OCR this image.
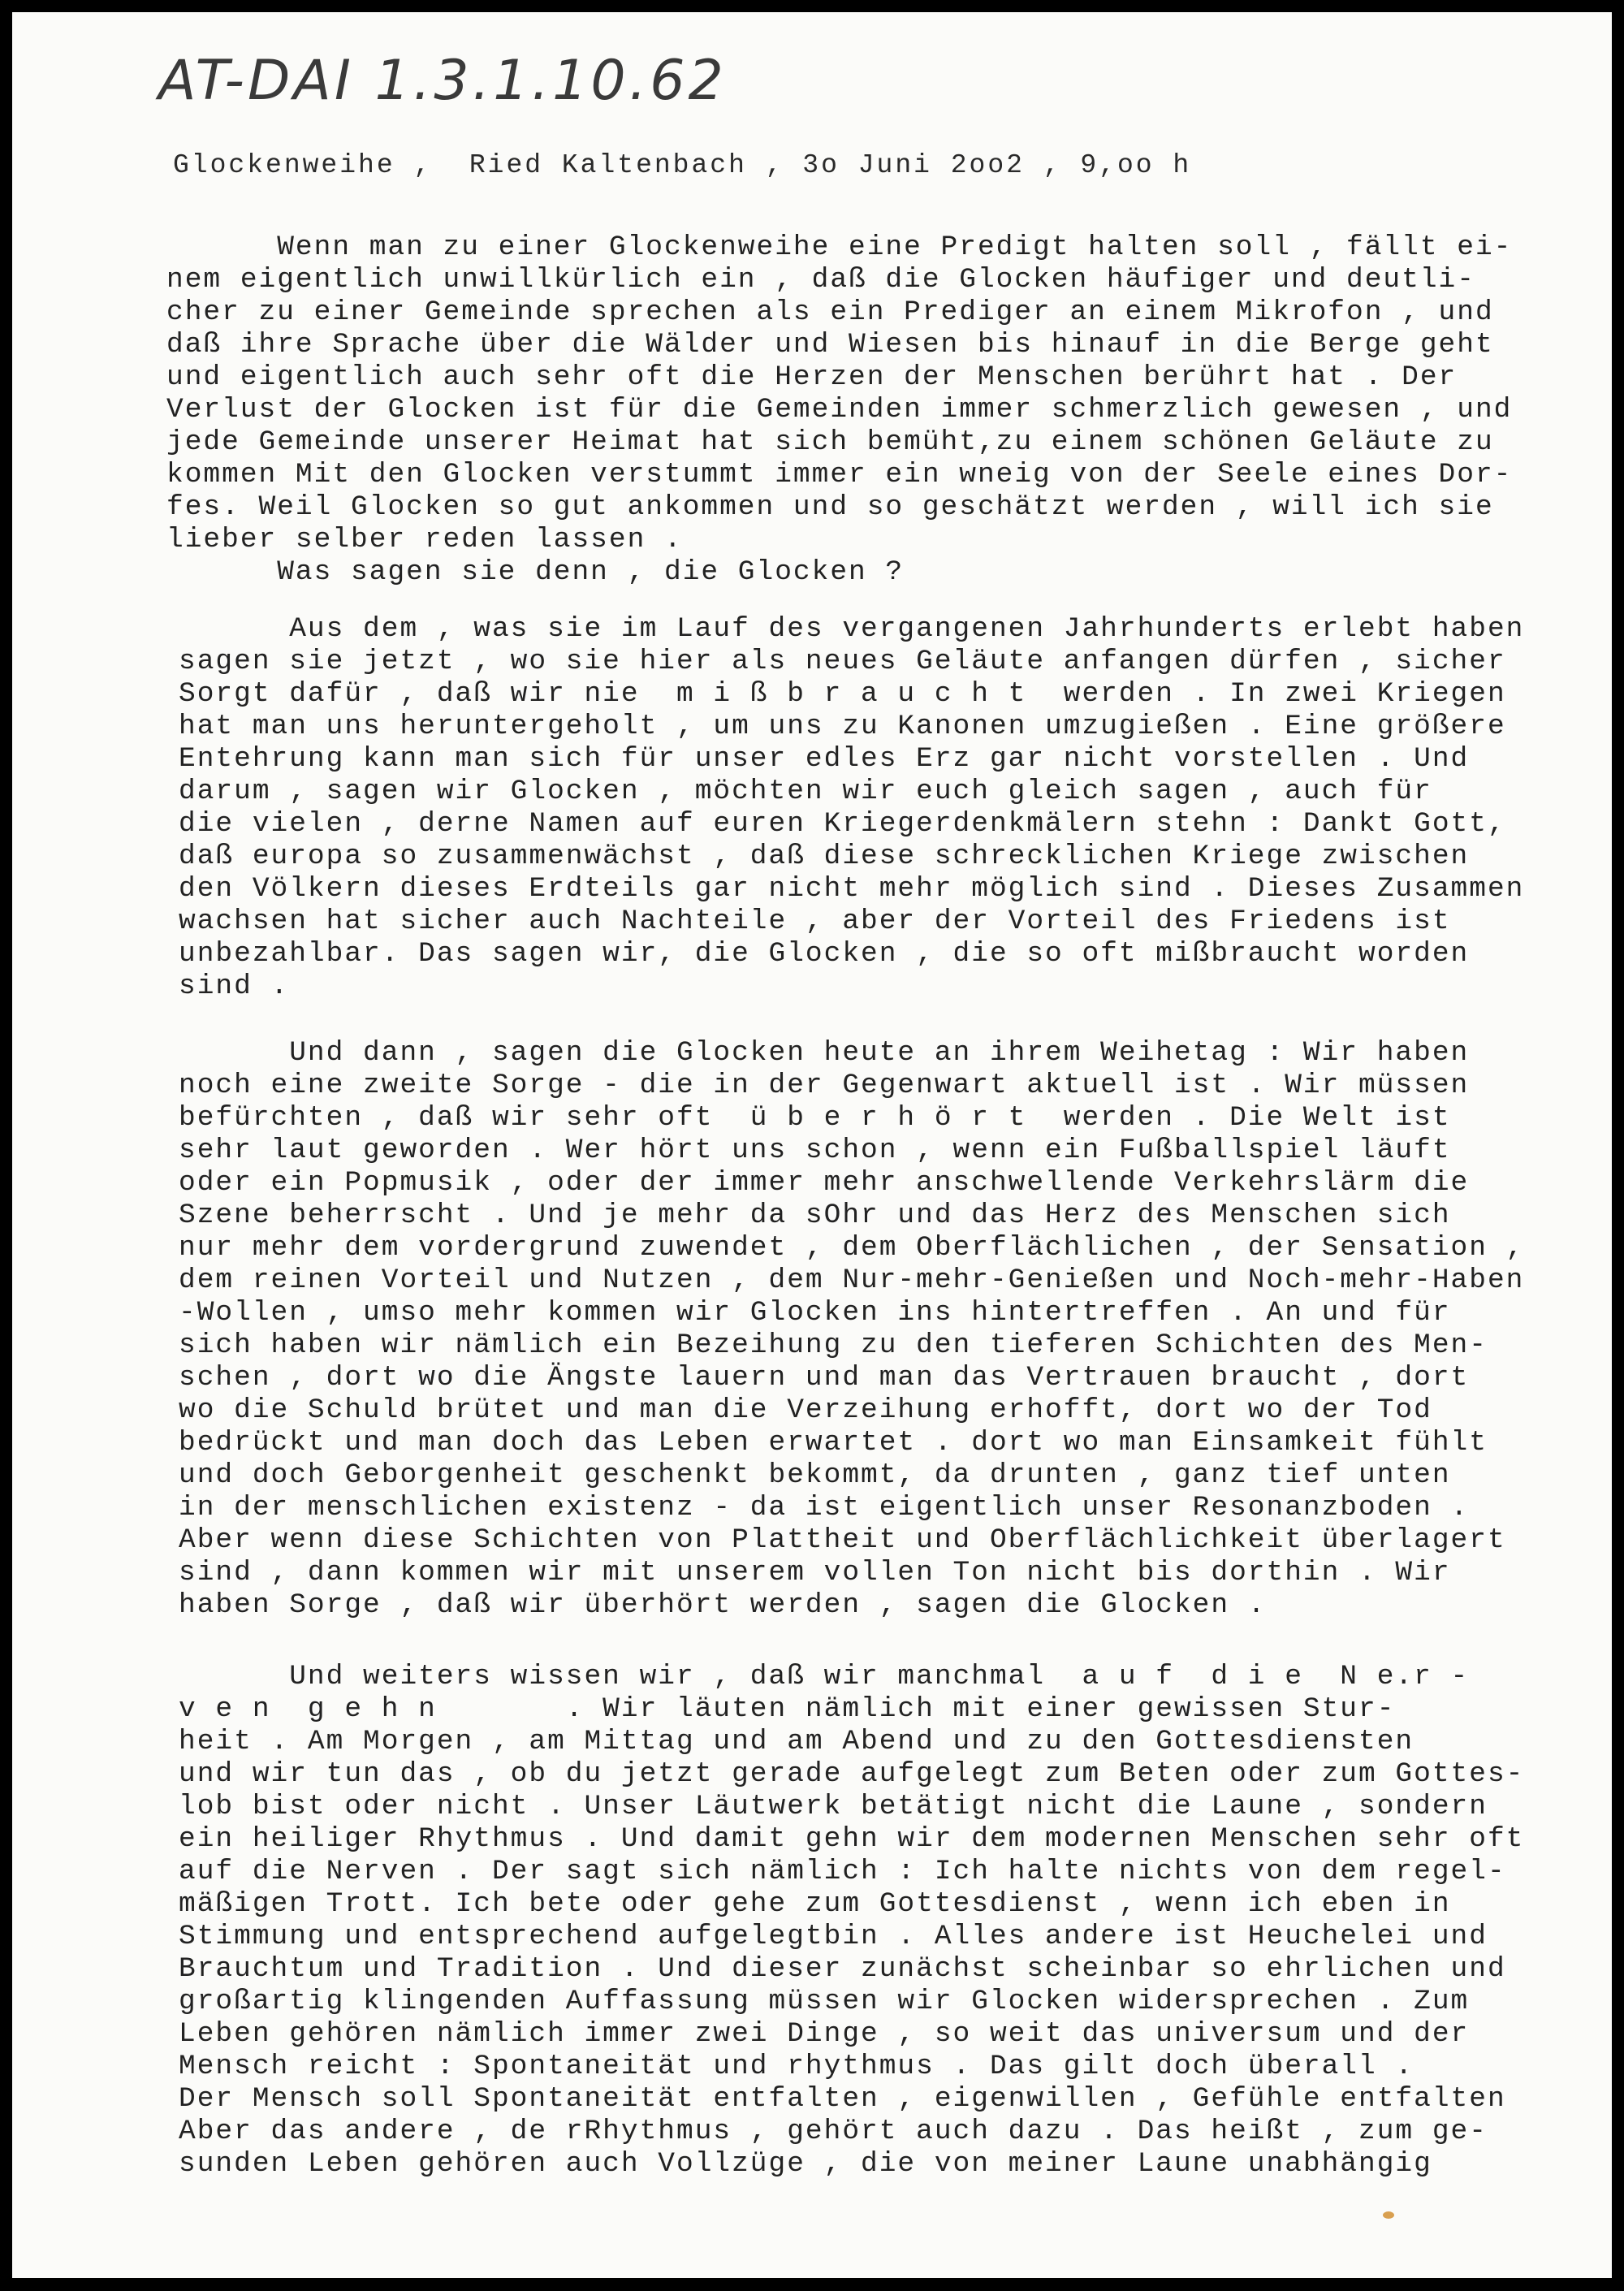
AT-DAI 1.3.1.10.62
Glockenweihe ,  Ried Kaltenbach , 3o Juni 2oo2 , 9,oo h
Wenn man zu einer Glockenweihe eine Predigt halten soll , fällt ei-
nem eigentlich unwillkürlich ein , daß die Glocken häufiger und deutli-
cher zu einer Gemeinde sprechen als ein Prediger an einem Mikrofon , und
daß ihre Sprache über die Wälder und Wiesen bis hinauf in die Berge geht
und eigentlich auch sehr oft die Herzen der Menschen berührt hat . Der
Verlust der Glocken ist für die Gemeinden immer schmerzlich gewesen , und
jede Gemeinde unserer Heimat hat sich bemüht,zu einem schönen Geläute zu
kommen Mit den Glocken verstummt immer ein wneig von der Seele eines Dor-
fes. Weil Glocken so gut ankommen und so geschätzt werden , will ich sie
lieber selber reden lassen .
Was sagen sie denn , die Glocken ?
Aus dem , was sie im Lauf des vergangenen Jahrhunderts erlebt haben
sagen sie jetzt , wo sie hier als neues Geläute anfangen dürfen , sicher
Sorgt dafür , daß wir nie  m i ß b r a u c h t  werden . In zwei Kriegen
hat man uns heruntergeholt , um uns zu Kanonen umzugießen . Eine größere
Entehrung kann man sich für unser edles Erz gar nicht vorstellen . Und
darum , sagen wir Glocken , möchten wir euch gleich sagen , auch für
die vielen , derne Namen auf euren Kriegerdenkmälern stehn : Dankt Gott,
daß europa so zusammenwächst , daß diese schrecklichen Kriege zwischen
den Völkern dieses Erdteils gar nicht mehr möglich sind . Dieses Zusammen
wachsen hat sicher auch Nachteile , aber der Vorteil des Friedens ist
unbezahlbar. Das sagen wir, die Glocken , die so oft mißbraucht worden
sind .
Und dann , sagen die Glocken heute an ihrem Weihetag : Wir haben
noch eine zweite Sorge - die in der Gegenwart aktuell ist . Wir müssen
befürchten , daß wir sehr oft  ü b e r h ö r t  werden . Die Welt ist
sehr laut geworden . Wer hört uns schon , wenn ein Fußballspiel läuft
oder ein Popmusik , oder der immer mehr anschwellende Verkehrslärm die
Szene beherrscht . Und je mehr da sOhr und das Herz des Menschen sich
nur mehr dem vordergrund zuwendet , dem Oberflächlichen , der Sensation ,
dem reinen Vorteil und Nutzen , dem Nur-mehr-Genießen und Noch-mehr-Haben
-Wollen , umso mehr kommen wir Glocken ins hintertreffen . An und für
sich haben wir nämlich ein Bezeihung zu den tieferen Schichten des Men-
schen , dort wo die Ängste lauern und man das Vertrauen braucht , dort
wo die Schuld brütet und man die Verzeihung erhofft, dort wo der Tod
bedrückt und man doch das Leben erwartet . dort wo man Einsamkeit fühlt
und doch Geborgenheit geschenkt bekommt, da drunten , ganz tief unten
in der menschlichen existenz - da ist eigentlich unser Resonanzboden .
Aber wenn diese Schichten von Plattheit und Oberflächlichkeit überlagert
sind , dann kommen wir mit unserem vollen Ton nicht bis dorthin . Wir
haben Sorge , daß wir überhört werden , sagen die Glocken .
Und weiters wissen wir , daß wir manchmal  a u f  d i e  N e.r -
v e n  g e h n       . Wir läuten nämlich mit einer gewissen Stur-
heit . Am Morgen , am Mittag und am Abend und zu den Gottesdiensten
und wir tun das , ob du jetzt gerade aufgelegt zum Beten oder zum Gottes-
lob bist oder nicht . Unser Läutwerk betätigt nicht die Laune , sondern
ein heiliger Rhythmus . Und damit gehn wir dem modernen Menschen sehr oft
auf die Nerven . Der sagt sich nämlich : Ich halte nichts von dem regel-
mäßigen Trott. Ich bete oder gehe zum Gottesdienst , wenn ich eben in
Stimmung und entsprechend aufgelegtbin . Alles andere ist Heuchelei und
Brauchtum und Tradition . Und dieser zunächst scheinbar so ehrlichen und
großartig klingenden Auffassung müssen wir Glocken widersprechen . Zum
Leben gehören nämlich immer zwei Dinge , so weit das universum und der
Mensch reicht : Spontaneität und rhythmus . Das gilt doch überall .
Der Mensch soll Spontaneität entfalten , eigenwillen , Gefühle entfalten
Aber das andere , de rRhythmus , gehört auch dazu . Das heißt , zum ge-
sunden Leben gehören auch Vollzüge , die von meiner Laune unabhängig
